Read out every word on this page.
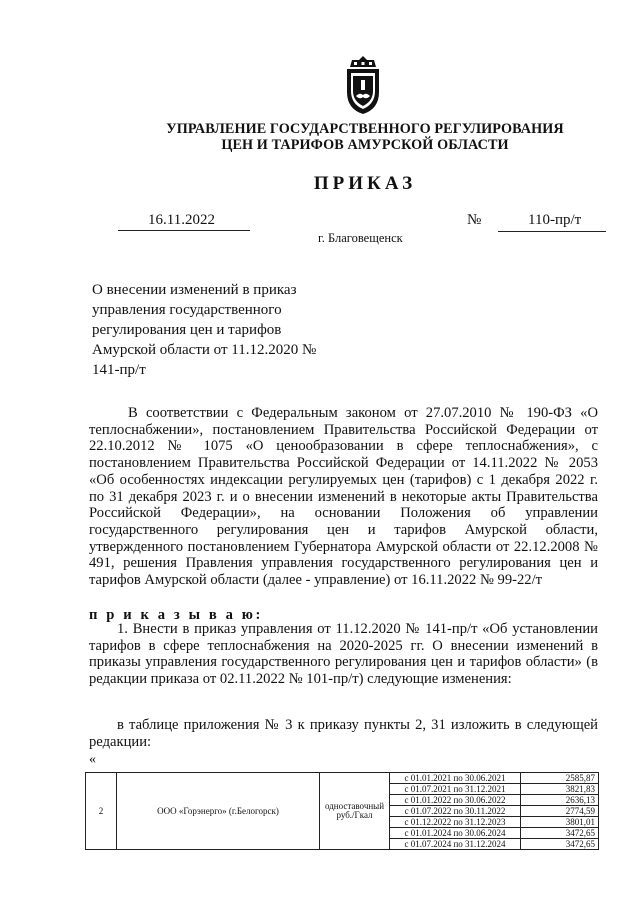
УПРАВЛЕНИЕ ГОСУДАРСТВЕННОГО РЕГУЛИРОВАНИЯ
ЦЕН И ТАРИФОВ АМУРСКОЙ ОБЛАСТИ
ПРИКАЗ
16.11.2022	№	110-пр/т
г. Благовещенск
О внесении изменений в приказ управления государственного регулирования цен и тарифов Амурской области от 11.12.2020 № 141-пр/т
В соответствии с Федеральным законом от 27.07.2010 № 190-ФЗ «О теплоснабжении», постановлением Правительства Российской Федерации от 22.10.2012 № 1075 «О ценообразовании в сфере теплоснабжения», с постановлением Правительства Российской Федерации от 14.11.2022 № 2053 «Об особенностях индексации регулируемых цен (тарифов) с 1 декабря 2022 г. по 31 декабря 2023 г. и о внесении изменений в некоторые акты Правительства Российской Федерации», на основании Положения об управлении государственного регулирования цен и тарифов Амурской области, утвержденного постановлением Губернатора Амурской области от 22.12.2008 № 491, решения Правления управления государственного регулирования цен и тарифов Амурской области (далее - управление) от 16.11.2022 № 99-22/т
п р и к а з ы в а ю:
1. Внести в приказ управления от 11.12.2020 № 141-пр/т «Об установлении тарифов в сфере теплоснабжения на 2020-2025 гг. О внесении изменений в приказы управления государственного регулирования цен и тарифов области» (в редакции приказа от 02.11.2022 № 101-пр/т) следующие изменения:
в таблице приложения № 3 к приказу пункты 2, 31 изложить в следующей редакции:
«
2	ООО «Горэнерго» (г.Белогорск)	одноставочный руб./Гкал	с 01.01.2021 по 30.06.2021	2585,87
			с 01.07.2021 по 31.12.2021	3821,83
			с 01.01.2022 по 30.06.2022	2636,13
			с 01.07.2022 по 30.11.2022	2774,59
			с 01.12.2022 по 31.12.2023	3801,01
			с 01.01.2024 по 30.06.2024	3472,65
			с 01.07.2024 по 31.12.2024	3472,65
